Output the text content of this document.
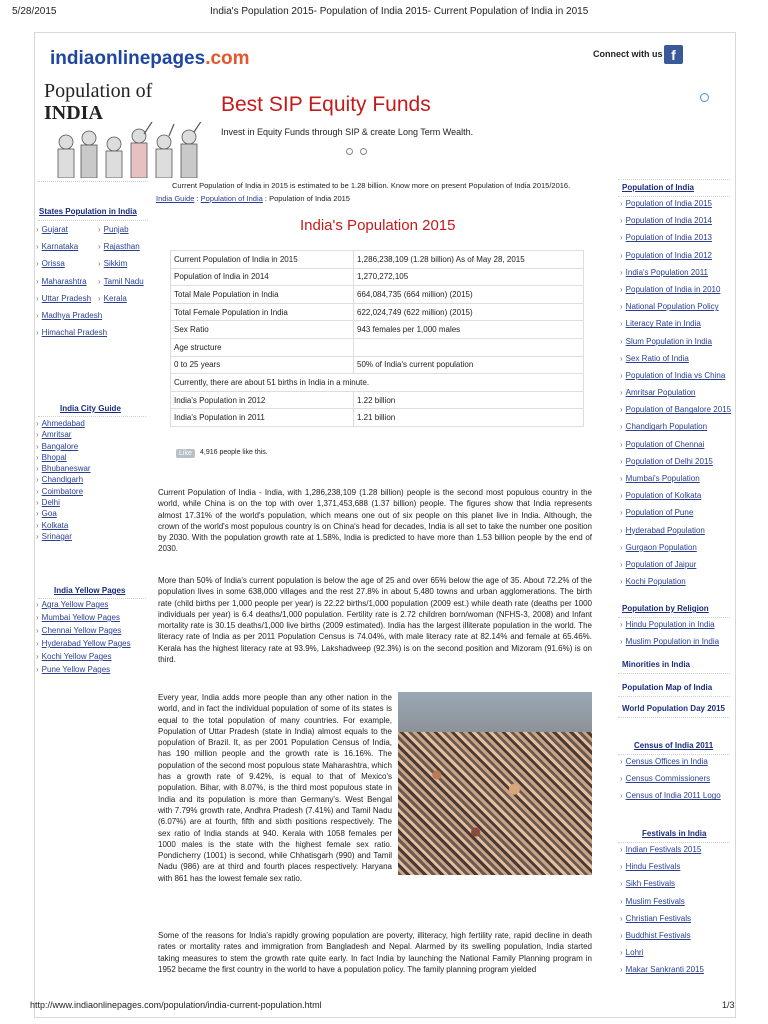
5/28/2015	India's Population 2015- Population of India 2015- Current Population of India in 2015
indiaonlinepages.com	Connect with us f
Population of
INDIA	Best SIP Equity Funds
Invest in Equity Funds through SIP & create Long Term Wealth.
Current Population of India in 2015 is estimated to be 1.28 billion. Know more on present Population of India 2015/2016.
India Guide : Population of India : Population of India 2015
India's Population 2015
Current Population of India in 2015	1,286,238,109 (1.28 billion) As of May 28, 2015
Population of India in 2014	1,270,272,105
Total Male Population in India	664,084,735 (664 million) (2015)
Total Female Population in India	622,024,749 (622 million) (2015)
Sex Ratio	943 females per 1,000 males
Age structure	
0 to 25 years	50% of India's current population
Currently, there are about 51 births in India in a minute.	
India's Population in 2012	1.22 billion
India's Population in 2011	1.21 billion
Like	4,916 people like this.
Current Population of India - India, with 1,286,238,109 (1.28 billion) people is the second most populous country in the world, while China is on the top with over 1,371,453,688 (1.37 billion) people. The figures show that India represents almost 17.31% of the world's population, which means one out of six people on this planet live in India. Although, the crown of the world's most populous country is on China's head for decades, India is all set to take the number one position by 2030. With the population growth rate at 1.58%, India is predicted to have more than 1.53 billion people by the end of 2030.
More than 50% of India's current population is below the age of 25 and over 65% below the age of 35. About 72.2% of the population lives in some 638,000 villages and the rest 27.8% in about 5,480 towns and urban agglomerations. The birth rate (child births per 1,000 people per year) is 22.22 births/1,000 population (2009 est.) while death rate (deaths per 1000 individuals per year) is 6.4 deaths/1,000 population. Fertility rate is 2.72 children born/woman (NFHS-3, 2008) and Infant mortality rate is 30.15 deaths/1,000 live births (2009 estimated). India has the largest illiterate population in the world. The literacy rate of India as per 2011 Population Census is 74.04%, with male literacy rate at 82.14% and female at 65.46%. Kerala has the highest literacy rate at 93.9%, Lakshadweep (92.3%) is on the second position and Mizoram (91.6%) is on third.
Every year, India adds more people than any other nation in the world, and in fact the individual population of some of its states is equal to the total population of many countries. For example, Population of Uttar Pradesh (state in India) almost equals to the population of Brazil. It, as per 2001 Population Census of India, has 190 million people and the growth rate is 16.16%. The population of the second most populous state Maharashtra, which has a growth rate of 9.42%, is equal to that of Mexico's population. Bihar, with 8.07%, is the third most populous state in India and its population is more than Germany's. West Bengal with 7.79% growth rate, Andhra Pradesh (7.41%) and Tamil Nadu (6.07%) are at fourth, fifth and sixth positions respectively. The sex ratio of India stands at 940. Kerala with 1058 females per 1000 males is the state with the highest female sex ratio. Pondicherry (1001) is second, while Chhatisgarh (990) and Tamil Nadu (986) are at third and fourth places respectively. Haryana with 861 has the lowest female sex ratio.
Some of the reasons for India's rapidly growing population are poverty, illiteracy, high fertility rate, rapid decline in death rates or mortality rates and immigration from Bangladesh and Nepal. Alarmed by its swelling population, India started taking measures to stem the growth rate quite early. In fact India by launching the National Family Planning program in 1952 became the first country in the world to have a population policy. The family planning program yielded
States Population in India
› Gujarat
› Karnataka
› Orissa
› Maharashtra
› Uttar Pradesh
› Madhya Pradesh
› Himachal Pradesh
› Punjab
› Rajasthan
› Sikkim
› Tamil Nadu
› Kerala
India City Guide
› Ahmedabad
› Amritsar
› Bangalore
› Bhopal
› Bhubaneswar
› Chandigarh
› Coimbatore
› Delhi
› Goa
› Kolkata
› Srinagar
India Yellow Pages
› Agra Yellow Pages
› Mumbai Yellow Pages
› Chennai Yellow Pages
› Hyderabad Yellow Pages
› Kochi Yellow Pages
› Pune Yellow Pages
Population of India
› Population of India 2015
› Population of India 2014
› Population of India 2013
› Population of India 2012
› India's Population 2011
› Population of India in 2010
› National Population Policy
› Literacy Rate in India
› Slum Population in India
› Sex Ratio of India
› Population of India vs China
› Amritsar Population
› Population of Bangalore 2015
› Chandigarh Population
› Population of Chennai
› Population of Delhi 2015
› Mumbai's Population
› Population of Kolkata
› Population of Pune
› Hyderabad Population
› Gurgaon Population
› Population of Jaipur
› Kochi Population
Population by Religion
› Hindu Population in India
› Muslim Population in India
Minorities in India
Population Map of India
World Population Day 2015
Census of India 2011
› Census Offices in India
› Census Commissioners
› Census of India 2011 Logo
Festivals in India
› Indian Festivals 2015
› Hindu Festivals
› Sikh Festivals
› Muslim Festivals
› Christian Festivals
› Buddhist Festivals
› Lohri
› Makar Sankranti 2015
http://www.indiaonlinepages.com/population/india-current-population.html	1/3
